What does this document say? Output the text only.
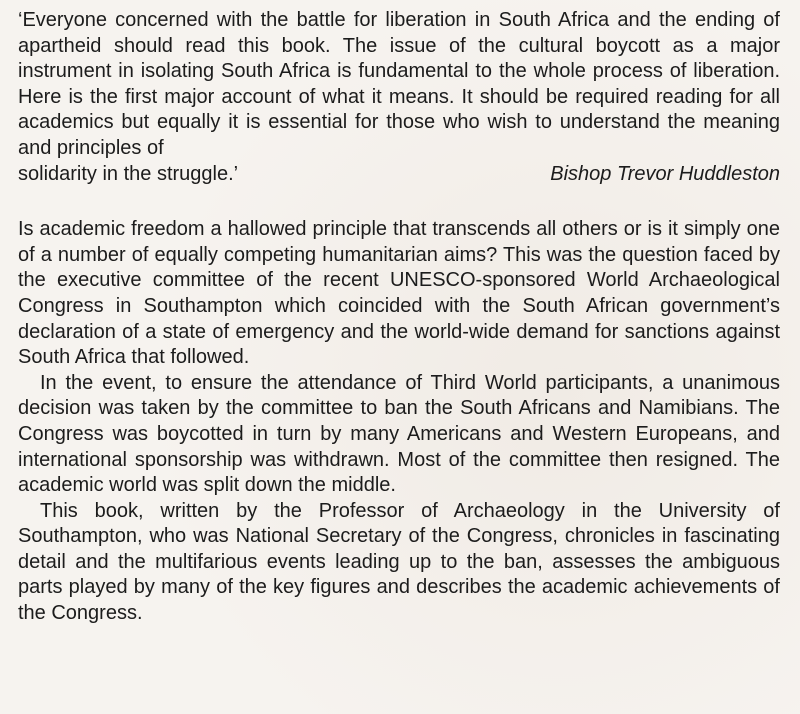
‘Everyone concerned with the battle for liberation in South Africa and the ending of apartheid should read this book. The issue of the cultural boycott as a major instrument in isolating South Africa is fundamental to the whole process of liberation. Here is the first major account of what it means. It should be required reading for all academics but equally it is essential for those who wish to understand the meaning and principles of

solidarity in the struggle.’	Bishop Trevor Huddleston

Is academic freedom a hallowed principle that transcends all others or is it simply one of a number of equally competing humanitarian aims? This was the question faced by the executive committee of the recent UNESCO-sponsored World Archaeological Congress in Southampton which coincided with the South African government’s declaration of a state of emergency and the world-wide demand for sanctions against South Africa that followed.

In the event, to ensure the attendance of Third World participants, a unanimous decision was taken by the committee to ban the South Africans and Namibians. The Congress was boycotted in turn by many Americans and Western Europeans, and international sponsorship was withdrawn. Most of the committee then resigned. The academic world was split down the middle.

This book, written by the Professor of Archaeology in the University of Southampton, who was National Secretary of the Congress, chronicles in fascinating detail and the multifarious events leading up to the ban, assesses the ambiguous parts played by many of the key figures and describes the academic achievements of the Congress.
